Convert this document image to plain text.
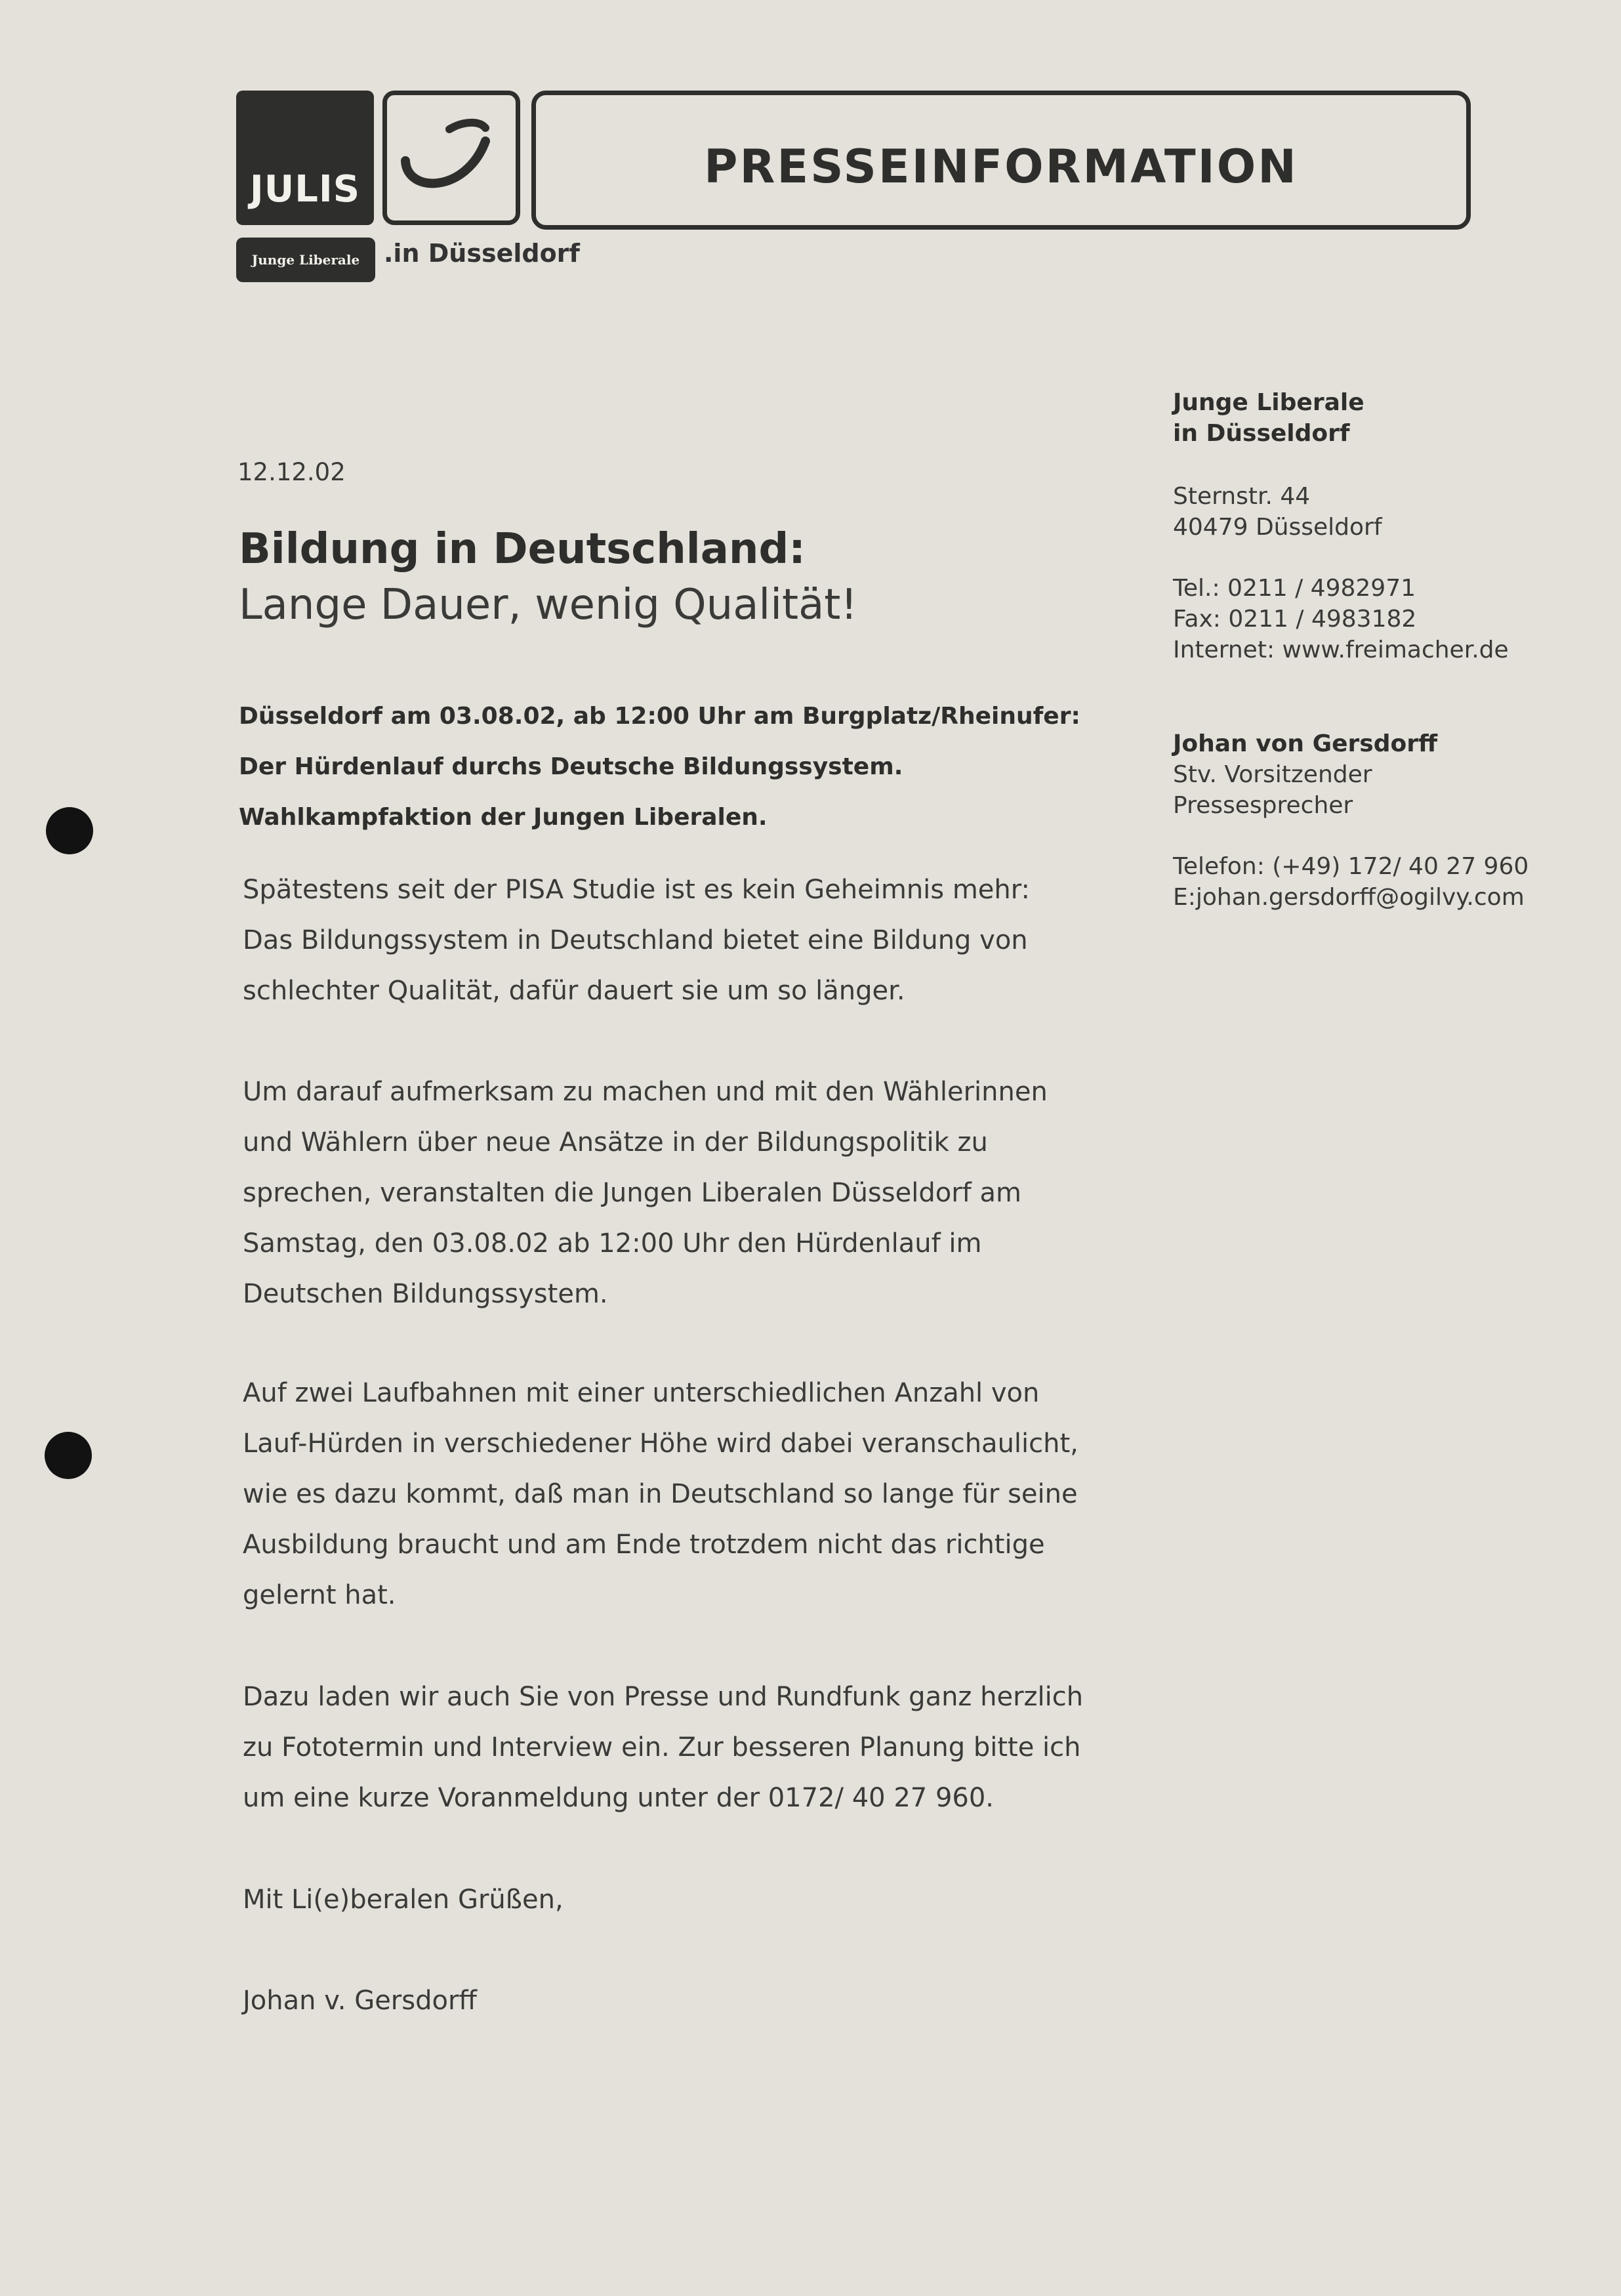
JULIS	PRESSEINFORMATION
Junge Liberale .in Düsseldorf
Junge Liberale
in Düsseldorf
Sternstr. 44
40479 Düsseldorf
Tel.: 0211 / 4982971
Fax: 0211 / 4983182
Internet: www.freimacher.de
Johan von Gersdorff
Stv. Vorsitzender
Pressesprecher
Telefon: (+49) 172/ 40 27 960
E:johan.gersdorff@ogilvy.com
12.12.02
Bildung in Deutschland:
Lange Dauer, wenig Qualität!
Düsseldorf am 03.08.02, ab 12:00 Uhr am Burgplatz/Rheinufer:
Der Hürdenlauf durchs Deutsche Bildungssystem.
Wahlkampfaktion der Jungen Liberalen.
Spätestens seit der PISA Studie ist es kein Geheimnis mehr:
Das Bildungssystem in Deutschland bietet eine Bildung von
schlechter Qualität, dafür dauert sie um so länger.
Um darauf aufmerksam zu machen und mit den Wählerinnen
und Wählern über neue Ansätze in der Bildungspolitik zu
sprechen, veranstalten die Jungen Liberalen Düsseldorf am
Samstag, den 03.08.02 ab 12:00 Uhr den Hürdenlauf im
Deutschen Bildungssystem.
Auf zwei Laufbahnen mit einer unterschiedlichen Anzahl von
Lauf-Hürden in verschiedener Höhe wird dabei veranschaulicht,
wie es dazu kommt, daß man in Deutschland so lange für seine
Ausbildung braucht und am Ende trotzdem nicht das richtige
gelernt hat.
Dazu laden wir auch Sie von Presse und Rundfunk ganz herzlich
zu Fototermin und Interview ein. Zur besseren Planung bitte ich
um eine kurze Voranmeldung unter der 0172/ 40 27 960.
Mit Li(e)beralen Grüßen,
Johan v. Gersdorff
